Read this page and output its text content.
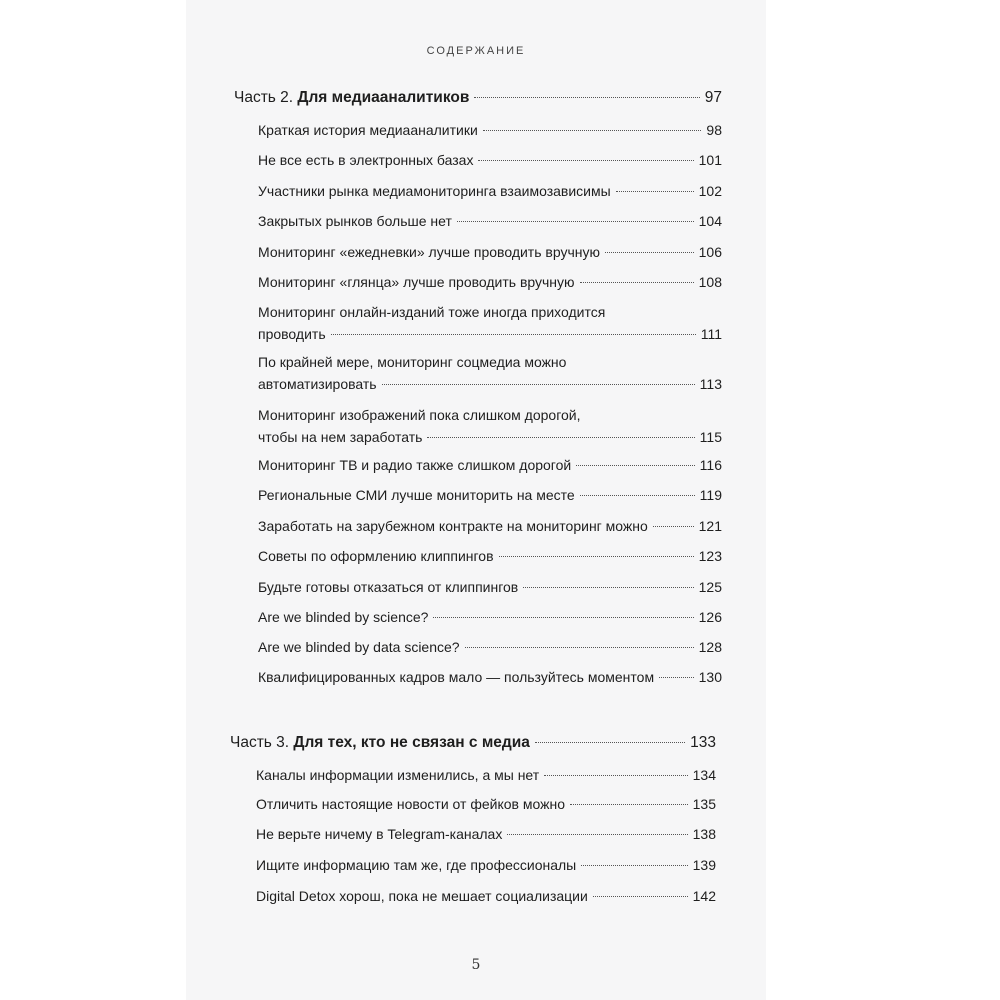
СОДЕРЖАНИЕ
Часть 2. Для медиааналитиков	97
Краткая история медиааналитики	98
Не все есть в электронных базах	101
Участники рынка медиамониторинга взаимозависимы	102
Закрытых рынков больше нет	104
Мониторинг «ежедневки» лучше проводить вручную	106
Мониторинг «глянца» лучше проводить вручную	108
Мониторинг онлайн-изданий тоже иногда приходится
проводить	111
По крайней мере, мониторинг соцмедиа можно
автоматизировать	113
Мониторинг изображений пока слишком дорогой,
чтобы на нем заработать	115
Мониторинг ТВ и радио также слишком дорогой	116
Региональные СМИ лучше мониторить на месте	119
Заработать на зарубежном контракте на мониторинг можно	121
Советы по оформлению клиппингов	123
Будьте готовы отказаться от клиппингов	125
Are we blinded by science?	126
Are we blinded by data science?	128
Квалифицированных кадров мало — пользуйтесь моментом	130
Часть 3. Для тех, кто не связан с медиа	133
Каналы информации изменились, а мы нет	134
Отличить настоящие новости от фейков можно	135
Не верьте ничему в Telegram-каналах	138
Ищите информацию там же, где профессионалы	139
Digital Detox хорош, пока не мешает социализации	142
5
